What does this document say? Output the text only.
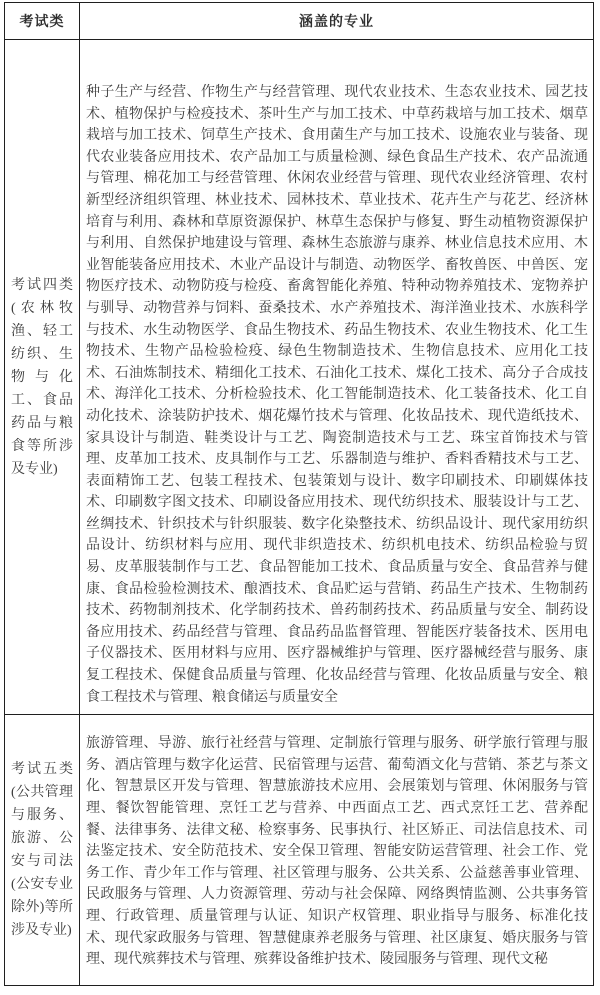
考试类	涵盖的专业
考试四类(农林牧渔、轻工纺织、生物与化工、食品药品与粮食等所涉及专业)	种子生产与经营、作物生产与经营管理、现代农业技术、生态农业技术、园艺技术、植物保护与检疫技术、茶叶生产与加工技术、中草药栽培与加工技术、烟草栽培与加工技术、饲草生产技术、食用菌生产与加工技术、设施农业与装备、现代农业装备应用技术、农产品加工与质量检测、绿色食品生产技术、农产品流通与管理、棉花加工与经营管理、休闲农业经营与管理、现代农业经济管理、农村新型经济组织管理、林业技术、园林技术、草业技术、花卉生产与花艺、经济林培育与利用、森林和草原资源保护、林草生态保护与修复、野生动植物资源保护与利用、自然保护地建设与管理、森林生态旅游与康养、林业信息技术应用、木业智能装备应用技术、木业产品设计与制造、动物医学、畜牧兽医、中兽医、宠物医疗技术、动物防疫与检疫、畜禽智能化养殖、特种动物养殖技术、宠物养护与驯导、动物营养与饲料、蚕桑技术、水产养殖技术、海洋渔业技术、水族科学与技术、水生动物医学、食品生物技术、药品生物技术、农业生物技术、化工生物技术、生物产品检验检疫、绿色生物制造技术、生物信息技术、应用化工技术、石油炼制技术、精细化工技术、石油化工技术、煤化工技术、高分子合成技术、海洋化工技术、分析检验技术、化工智能制造技术、化工装备技术、化工自动化技术、涂装防护技术、烟花爆竹技术与管理、化妆品技术、现代造纸技术、家具设计与制造、鞋类设计与工艺、陶瓷制造技术与工艺、珠宝首饰技术与管理、皮革加工技术、皮具制作与工艺、乐器制造与维护、香料香精技术与工艺、表面精饰工艺、包装工程技术、包装策划与设计、数字印刷技术、印刷媒体技术、印刷数字图文技术、印刷设备应用技术、现代纺织技术、服装设计与工艺、丝绸技术、针织技术与针织服装、数字化染整技术、纺织品设计、现代家用纺织品设计、纺织材料与应用、现代非织造技术、纺织机电技术、纺织品检验与贸易、皮革服装制作与工艺、食品智能加工技术、食品质量与安全、食品营养与健康、食品检验检测技术、酿酒技术、食品贮运与营销、药品生产技术、生物制药技术、药物制剂技术、化学制药技术、兽药制药技术、药品质量与安全、制药设备应用技术、药品经营与管理、食品药品监督管理、智能医疗装备技术、医用电子仪器技术、医用材料与应用、医疗器械维护与管理、医疗器械经营与服务、康复工程技术、保健食品质量与管理、化妆品经营与管理、化妆品质量与安全、粮食工程技术与管理、粮食储运与质量安全
考试五类(公共管理与服务、旅游、公安与司法(公安专业除外)等所涉及专业)	旅游管理、导游、旅行社经营与管理、定制旅行管理与服务、研学旅行管理与服务、酒店管理与数字化运营、民宿管理与运营、葡萄酒文化与营销、茶艺与茶文化、智慧景区开发与管理、智慧旅游技术应用、会展策划与管理、休闲服务与管理、餐饮智能管理、烹饪工艺与营养、中西面点工艺、西式烹饪工艺、营养配餐、法律事务、法律文秘、检察事务、民事执行、社区矫正、司法信息技术、司法鉴定技术、安全防范技术、安全保卫管理、智能安防运营管理、社会工作、党务工作、青少年工作与管理、社区管理与服务、公共关系、公益慈善事业管理、民政服务与管理、人力资源管理、劳动与社会保障、网络舆情监测、公共事务管理、行政管理、质量管理与认证、知识产权管理、职业指导与服务、标准化技术、现代家政服务与管理、智慧健康养老服务与管理、社区康复、婚庆服务与管理、现代殡葬技术与管理、殡葬设备维护技术、陵园服务与管理、现代文秘
